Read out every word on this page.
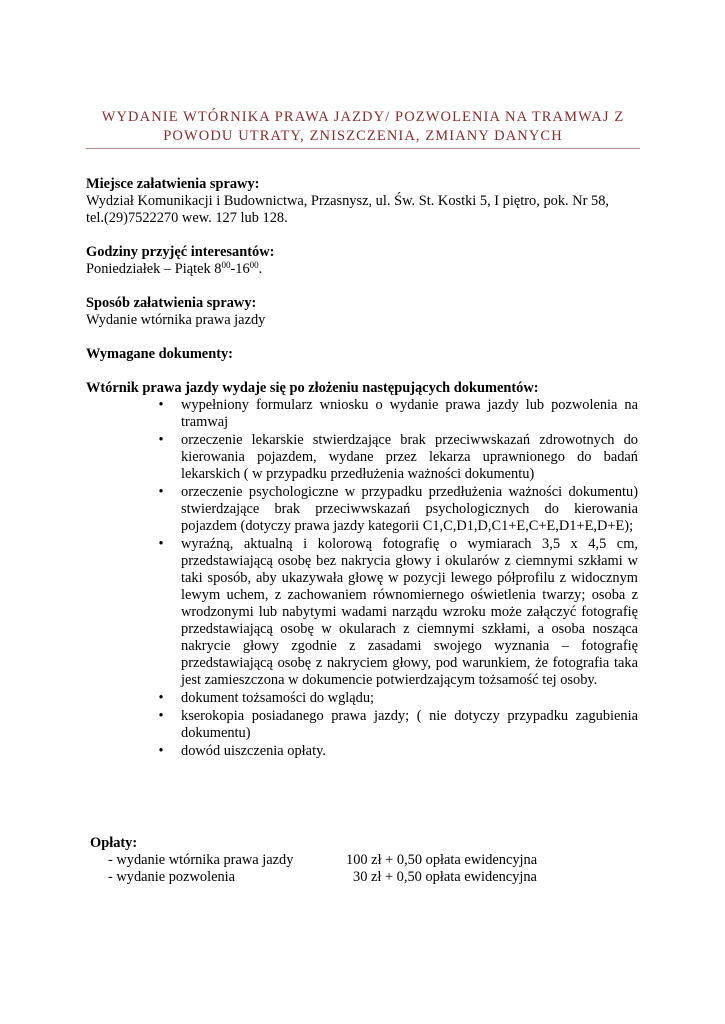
WYDANIE WTÓRNIKA PRAWA JAZDY/ POZWOLENIA NA TRAMWAJ Z
POWODU UTRATY, ZNISZCZENIA, ZMIANY DANYCH
Miejsce załatwienia sprawy:
Wydział Komunikacji i Budownictwa, Przasnysz, ul. Św. St. Kostki 5, I piętro, pok. Nr 58,
tel.(29)7522270 wew. 127 lub 128.
Godziny przyjęć interesantów:
Poniedziałek – Piątek $8^{00}-16^{00}$.
Sposób załatwienia sprawy:
Wydanie wtórnika prawa jazdy
Wymagane dokumenty:
Wtórnik prawa jazdy wydaje się po złożeniu następujących dokumentów:
• wypełniony formularz wniosku o wydanie prawa jazdy lub pozwolenia na tramwaj
• orzeczenie lekarskie stwierdzające brak przeciwwskazań zdrowotnych do kierowania pojazdem, wydane przez lekarza uprawnionego do badań lekarskich ( w przypadku przedłużenia ważności dokumentu)
• orzeczenie psychologiczne w przypadku przedłużenia ważności dokumentu) stwierdzające brak przeciwwskazań psychologicznych do kierowania pojazdem (dotyczy prawa jazdy kategorii C1,C,D1,D,C1+E,C+E,D1+E,D+E);
• wyraźną, aktualną i kolorową fotografię o wymiarach 3,5 x 4,5 cm, przedstawiającą osobę bez nakrycia głowy i okularów z ciemnymi szkłami w taki sposób, aby ukazywała głowę w pozycji lewego półprofilu z widocznym lewym uchem, z zachowaniem równomiernego oświetlenia twarzy; osoba z wrodzonymi lub nabytymi wadami narządu wzroku może załączyć fotografię przedstawiającą osobę w okularach z ciemnymi szkłami, a osoba nosząca nakrycie głowy zgodnie z zasadami swojego wyznania – fotografię przedstawiającą osobę z nakryciem głowy, pod warunkiem, że fotografia taka jest zamieszczona w dokumencie potwierdzającym tożsamość tej osoby.
• dokument tożsamości do wglądu;
• kserokopia posiadanego prawa jazdy; ( nie dotyczy przypadku zagubienia dokumentu)
• dowód uiszczenia opłaty.
Opłaty:
- wydanie wtórnika prawa jazdy	100 zł + 0,50 opłata ewidencyjna
- wydanie pozwolenia	30 zł + 0,50 opłata ewidencyjna
